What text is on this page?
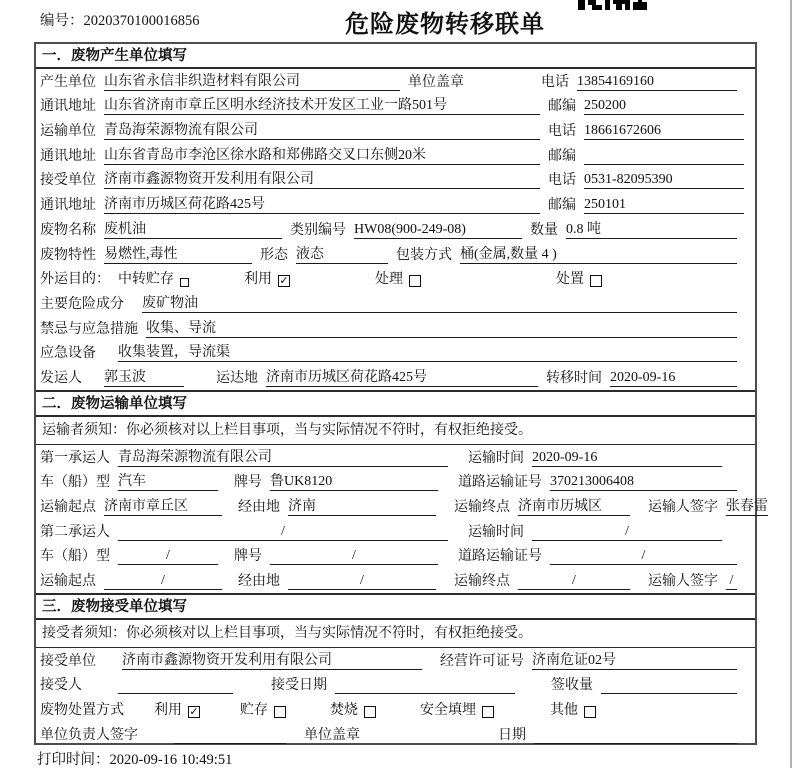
编号：2020370100016856	危险废物转移联单
一．废物产生单位填写
产生单位 山东省永信非织造材料有限公司	单位盖章	电话 13854169160
通讯地址 山东省济南市章丘区明水经济技术开发区工业一路501号	邮编 250200
运输单位 青岛海荣源物流有限公司	电话 18661672606
通讯地址 山东省青岛市李沧区徐水路和郑佛路交叉口东侧20米	邮编
接受单位 济南市鑫源物资开发利用有限公司	电话 0531-82095390
通讯地址 济南市历城区荷花路425号	邮编 250101
废物名称 废机油	类别编号 HW08(900-249-08)	数量 0.8 吨
废物特性 易燃性,毒性	形态 液态	包装方式 桶(金属,数量 4 )
外运目的： 中转贮存	利用 ✓	处理	处置
主要危险成分 废矿物油
禁忌与应急措施 收集、导流
应急设备 收集装置，导流渠
发运人 郭玉波	运达地 济南市历城区荷花路425号	转移时间 2020-09-16
二．废物运输单位填写
运输者须知：你必须核对以上栏目事项，当与实际情况不符时，有权拒绝接受。
第一承运人 青岛海荣源物流有限公司	运输时间 2020-09-16
车（船）型 汽车	牌号 鲁UK8120	道路运输证号 370213006408
运输起点 济南市章丘区	经由地 济南	运输终点 济南市历城区	运输人签字 张春雷
第二承运人	/	运输时间	/
车（船）型	/	牌号	/	道路运输证号	/
运输起点	/	经由地	/	运输终点	/	运输人签字 /
三．废物接受单位填写
接受者须知：你必须核对以上栏目事项，当与实际情况不符时，有权拒绝接受。
接受单位 济南市鑫源物资开发利用有限公司	经营许可证号 济南危证02号
接受人	接受日期	签收量
废物处置方式 利用 ✓	贮存	焚烧	安全填埋	其他
单位负责人签字	单位盖章	日期
打印时间：2020-09-16 10:49:51
